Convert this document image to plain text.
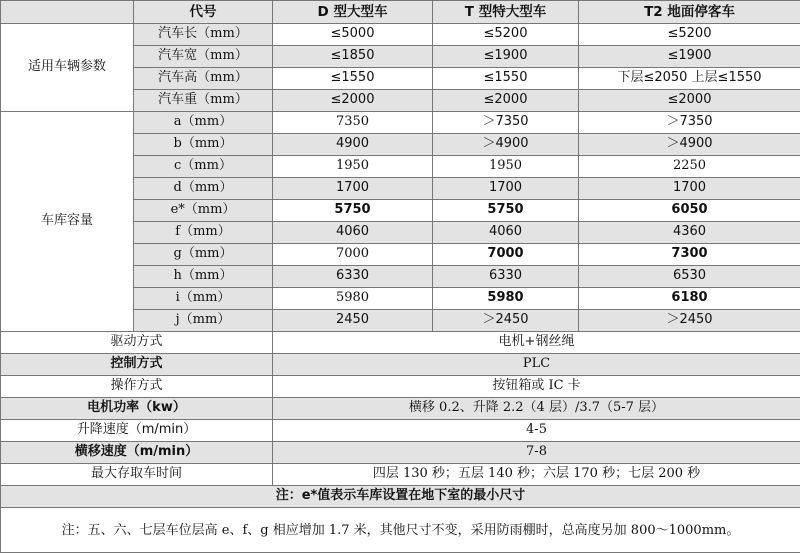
	代号	D 型大型车	T 型特大型车	T2 地面停客车
适用车辆参数	汽车长（mm）	≤5000	≤5200	≤5200
	汽车宽（mm）	≤1850	≤1900	≤1900
	汽车高（mm）	≤1550	≤1550	下层≤2050 上层≤1550
	汽车重（mm）	≤2000	≤2000	≤2000
车库容量	a（mm）	7350	＞7350	＞7350
	b（mm）	4900	＞4900	＞4900
	c（mm）	1950	1950	2250
	d（mm）	1700	1700	1700
	e*（mm）	5750	5750	6050
	f（mm）	4060	4060	4360
	g（mm）	7000	7000	7300
	h（mm）	6330	6330	6530
	i（mm）	5980	5980	6180
	j（mm）	2450	＞2450	＞2450
驱动方式		电机+钢丝绳		
控制方式		PLC		
操作方式		按钮箱或 IC 卡		
电机功率（kw）		横移 0.2、升降 2.2（4 层）/3.7（5-7 层）		
升降速度（m/min）		4-5		
横移速度（m/min）		7-8		
最大存取车时间		四层 130 秒；五层 140 秒；六层 170 秒；七层 200 秒		
注：e*值表示车库设置在地下室的最小尺寸				
注：五、六、七层车位层高 e、f、g 相应增加 1.7 米，其他尺寸不变，采用防雨棚时，总高度另加 800～1000mm。				
